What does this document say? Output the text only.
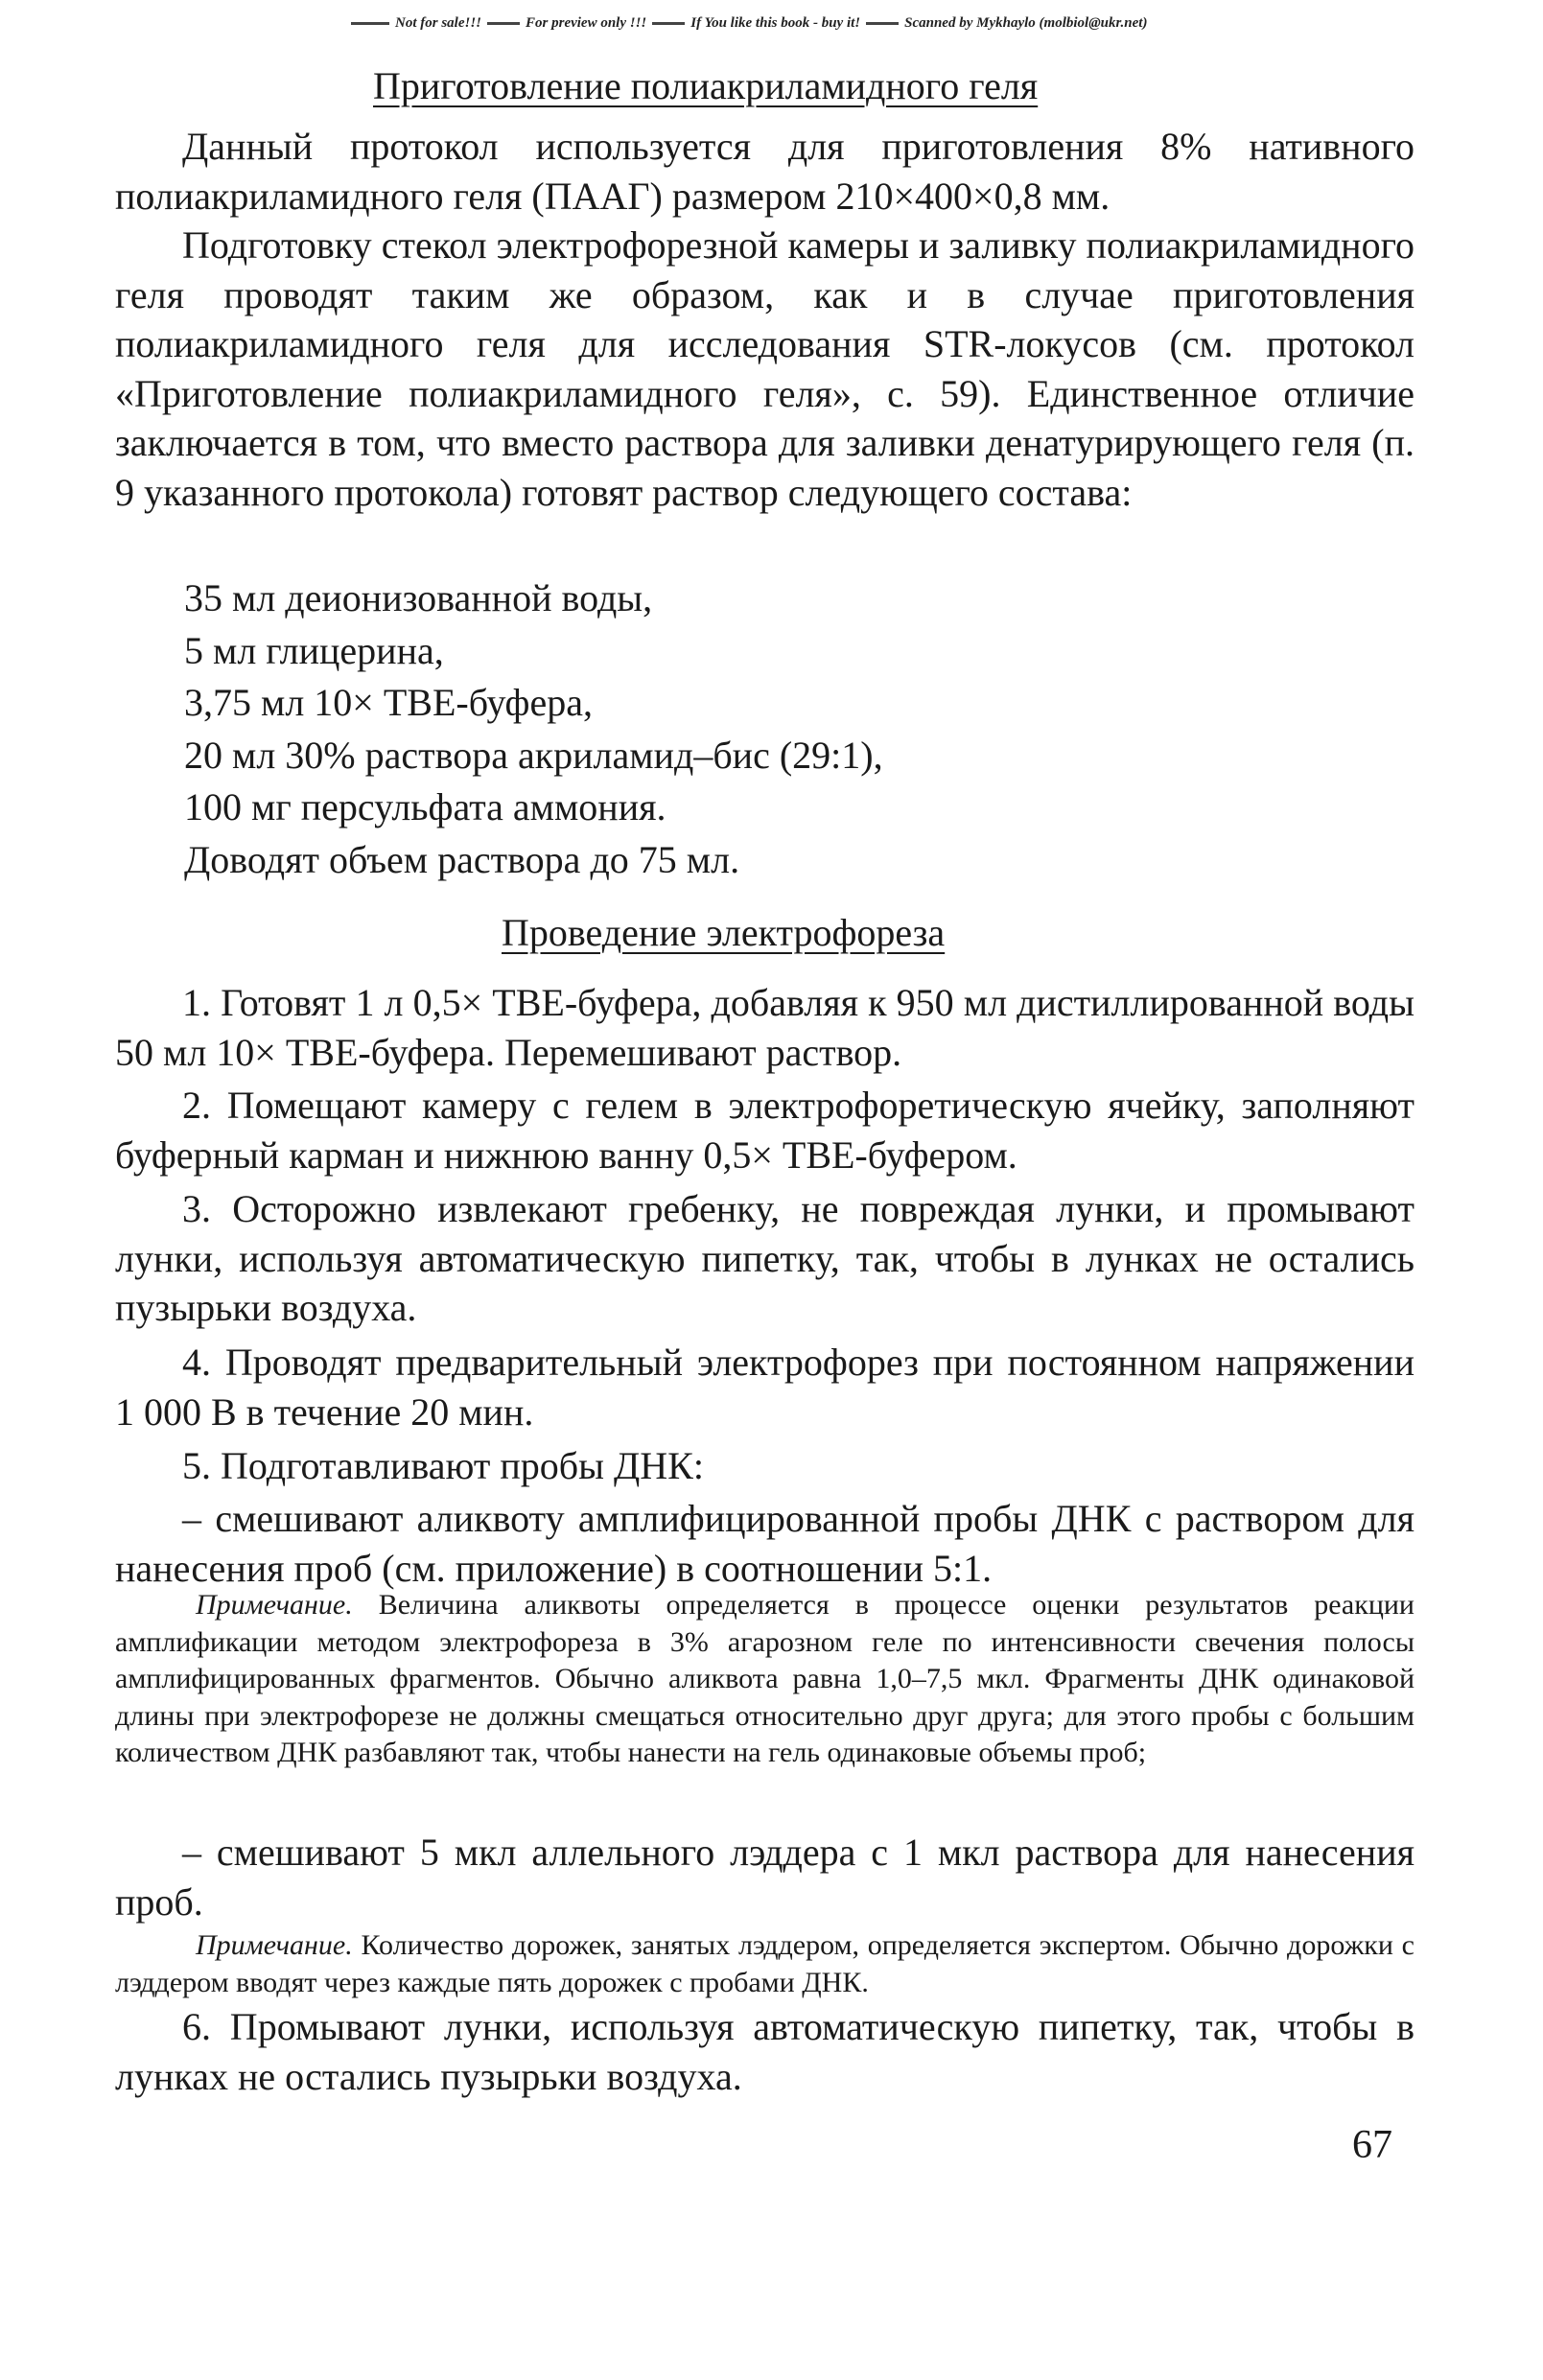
Not for sale!!!	For preview only !!!	If You like this book - buy it!	Scanned by Mykhaylo (molbiol@ukr.net)
Приготовление полиакриламидного геля

Данный протокол используется для приготовления 8% нативного полиакриламидного геля (ПААГ) размером 210×400×0,8 мм.

Подготовку стекол электрофорезной камеры и заливку полиакриламидного геля проводят таким же образом, как и в случае приготовления полиакриламидного геля для исследования STR-локусов (см. протокол «Приготовление полиакриламидного геля», с. 59). Единственное отличие заключается в том, что вместо раствора для заливки денатурирующего геля (п. 9 указанного протокола) готовят раствор следующего состава:

35 мл деионизованной воды,
5 мл глицерина,
3,75 мл 10× ТВЕ-буфера,
20 мл 30% раствора акриламид–бис (29:1),
100 мг персульфата аммония.
Доводят объем раствора до 75 мл.
Проведение электрофореза

1. Готовят 1 л 0,5× ТВЕ-буфера, добавляя к 950 мл дистиллированной воды 50 мл 10× ТВЕ-буфера. Перемешивают раствор.

2. Помещают камеру с гелем в электрофоретическую ячейку, заполняют буферный карман и нижнюю ванну 0,5× ТВЕ-буфером.

3. Осторожно извлекают гребенку, не повреждая лунки, и промывают лунки, используя автоматическую пипетку, так, чтобы в лунках не остались пузырьки воздуха.

4. Проводят предварительный электрофорез при постоянном напряжении 1 000 В в течение 20 мин.

5. Подготавливают пробы ДНК:

– смешивают аликвоту амплифицированной пробы ДНК с раствором для нанесения проб (см. приложение) в соотношении 5:1.

Примечание. Величина аликвоты определяется в процессе оценки результатов реакции амплификации методом электрофореза в 3% агарозном геле по интенсивности свечения полосы амплифицированных фрагментов. Обычно аликвота равна 1,0–7,5 мкл. Фрагменты ДНК одинаковой длины при электрофорезе не должны смещаться относительно друг друга; для этого пробы с большим количеством ДНК разбавляют так, чтобы нанести на гель одинаковые объемы проб;

– смешивают 5 мкл аллельного лэддера с 1 мкл раствора для нанесения проб.

Примечание. Количество дорожек, занятых лэддером, определяется экспертом. Обычно дорожки с лэддером вводят через каждые пять дорожек с пробами ДНК.

6. Промывают лунки, используя автоматическую пипетку, так, чтобы в лунках не остались пузырьки воздуха.

67
